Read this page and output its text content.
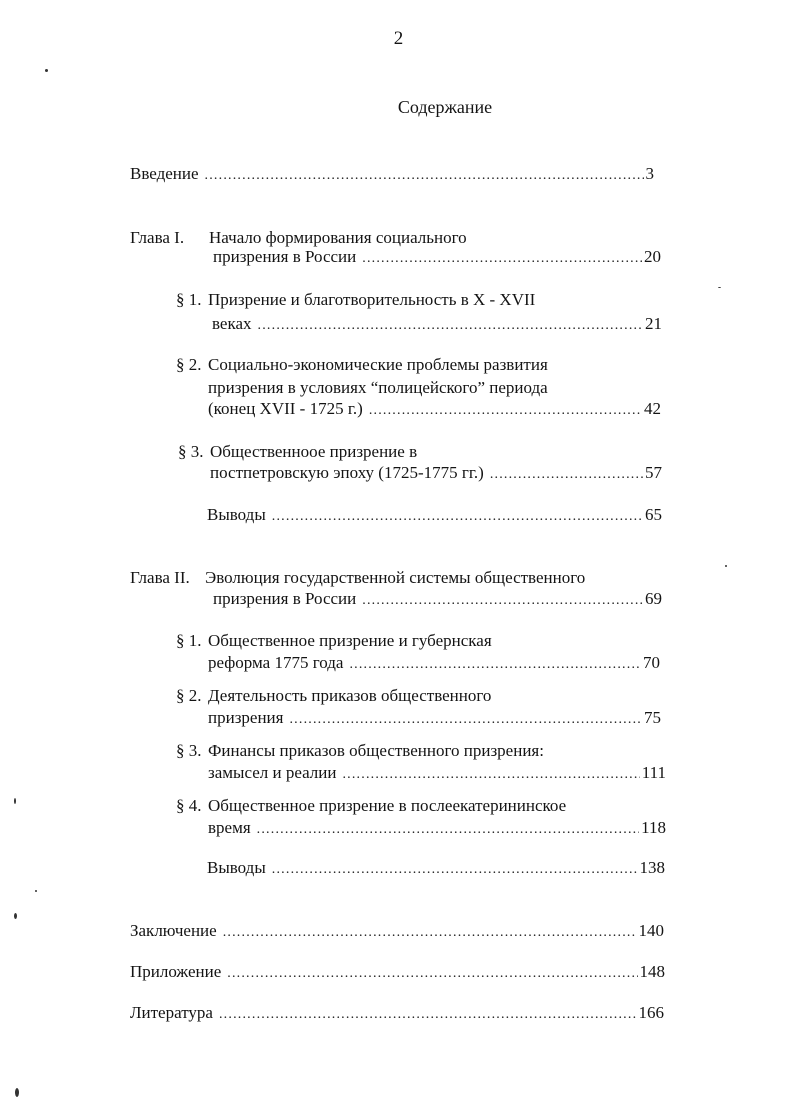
2
Содержание
Введение .....	3
Глава I. Начало формирования социального
призрения в России .....	20
§ 1. Призрение и благотворительность в X - XVII
веках .....	21
§ 2. Социально-экономические проблемы развития
призрения в условиях “полицейского” периода
(конец XVII - 1725 г.) .....	42
§ 3. Общественноое призрение в
постпетровскую эпоху (1725-1775 гг.) .....	57
Выводы .....	65
Глава II. Эволюция государственной системы общественного
призрения в России .....	69
§ 1. Общественное призрение и губернская
реформа 1775 года .....	70
§ 2. Деятельность приказов общественного
призрения .....	75
§ 3. Финансы приказов общественного призрения:
замысел и реалии .....	111
§ 4. Общественное призрение в послеекатерининское
время .....	118
Выводы .....	138
Заключение .....	140
Приложение .....	148
Литература .....	166
